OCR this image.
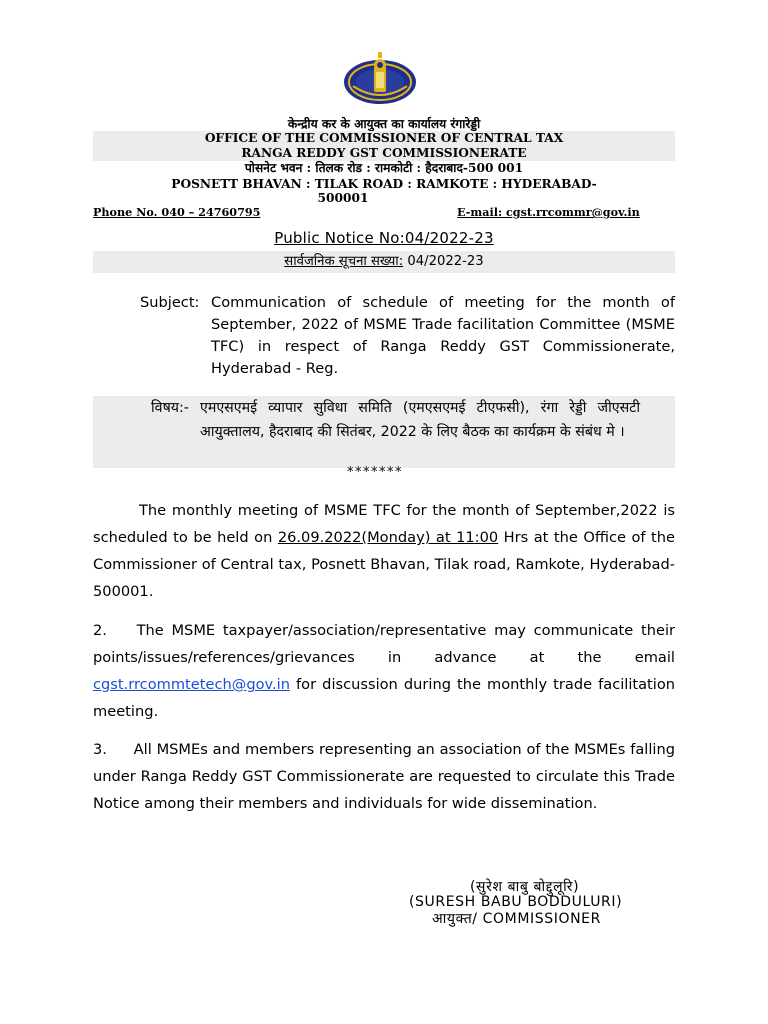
केन्द्रीय कर के आयुक्त का कार्यालय रंगारेड्डी
OFFICE OF THE COMMISSIONER OF CENTRAL TAX
RANGA REDDY GST COMMISSIONERATE
पोसनेट भवन : तिलक रोड : रामकोटी : हैदराबाद-500 001
POSNETT BHAVAN : TILAK ROAD : RAMKOTE : HYDERABAD-
500001
Phone No. 040 – 24760795	E-mail: cgst.rrcommr@gov.in
Public Notice No:04/2022-23
सार्वजनिक सूचना सख्या: 04/2022-23
Subject: Communication of schedule of meeting for the month of September, 2022 of MSME Trade facilitation Committee (MSME TFC) in respect of Ranga Reddy GST Commissionerate, Hyderabad - Reg.
विषय:- एमएसएमई व्यापार सुविधा समिति (एमएसएमई टीएफसी), रंगा रेड्डी जीएसटी आयुक्तालय, हैदराबाद की सितंबर, 2022 के लिए बैठक का कार्यक्रम के संबंध मे ।
*******
The monthly meeting of MSME TFC for the month of September,2022 is scheduled to be held on 26.09.2022(Monday) at 11:00 Hrs at the Office of the Commissioner of Central tax, Posnett Bhavan, Tilak road, Ramkote, Hyderabad-500001.
2.   The MSME taxpayer/association/representative may communicate their points/issues/references/grievances in advance at the email cgst.rrcommtetech@gov.in for discussion during the monthly trade facilitation meeting.
3.   All MSMEs and members representing an association of the MSMEs falling under Ranga Reddy GST Commissionerate are requested to circulate this Trade Notice among their members and individuals for wide dissemination.
(सुरेश बाबु बोद्दुलूरि)
(SURESH BABU BODDULURI)
आयुक्त/ COMMISSIONER
